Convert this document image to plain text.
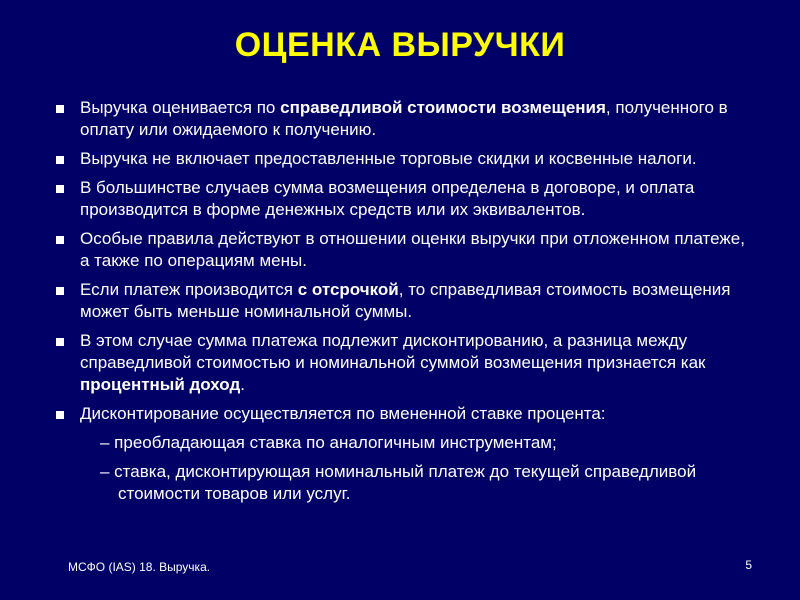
ОЦЕНКА ВЫРУЧКИ
Выручка оценивается по справедливой стоимости возмещения, полученного в оплату или ожидаемого к получению.
Выручка не включает предоставленные торговые скидки и косвенные налоги.
В большинстве случаев сумма возмещения определена в договоре, и оплата производится в форме денежных средств или их эквивалентов.
Особые правила действуют в отношении оценки выручки при отложенном платеже, а также по операциям мены.
Если платеж производится с отсрочкой, то справедливая стоимость возмещения может быть меньше номинальной суммы.
В этом случае сумма платежа подлежит дисконтированию, а разница между справедливой стоимостью и номинальной суммой возмещения признается как процентный доход.
Дисконтирование осуществляется по вмененной ставке процента:
– преобладающая ставка по аналогичным инструментам;
– ставка, дисконтирующая номинальный платеж до текущей справедливой стоимости товаров или услуг.
МСФО (IAS) 18. Выручка.	5
